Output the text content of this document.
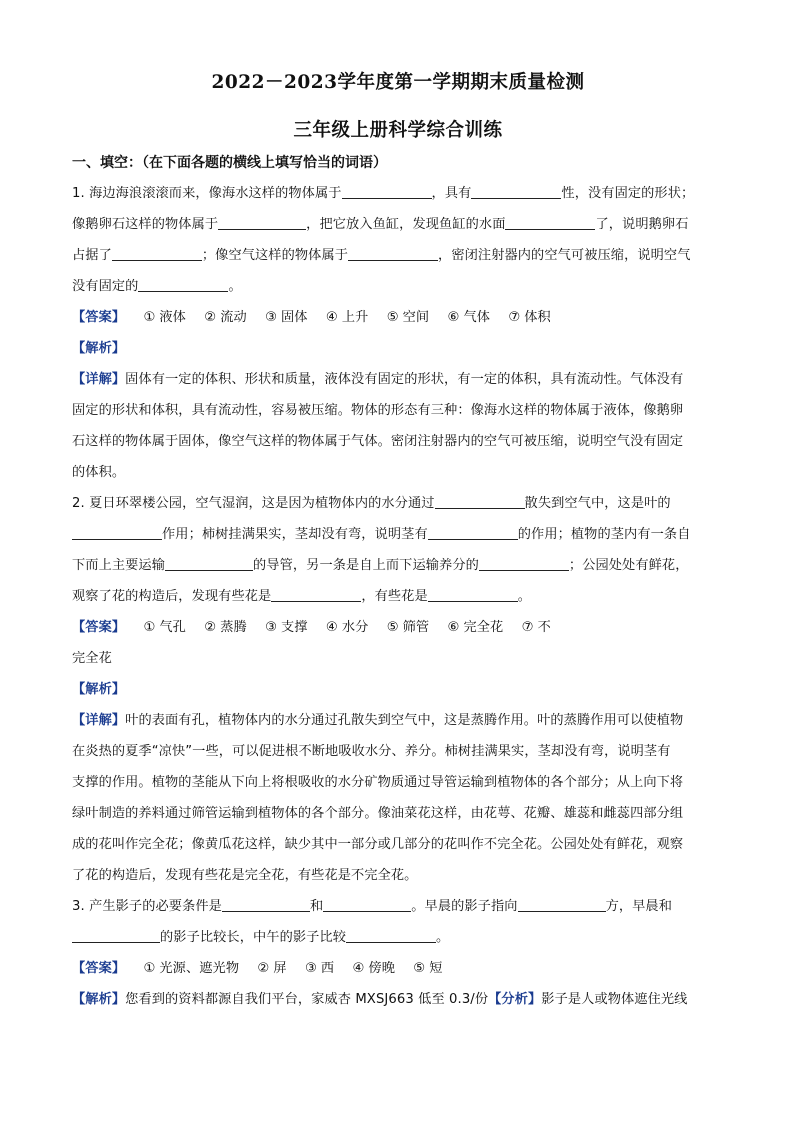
2022－2023学年度第一学期期末质量检测
三年级上册科学综合训练
一、填空：（在下面各题的横线上填写恰当的词语）
1. 海边海浪滚滚而来，像海水这样的物体属于	，具有	性，没有固定的形状；
像鹅卵石这样的物体属于	，把它放入鱼缸，发现鱼缸的水面	了，说明鹅卵石
占据了	；像空气这样的物体属于	，密闭注射器内的空气可被压缩，说明空气
没有固定的	。
【答案】 ① 液体 ② 流动 ③ 固体 ④ 上升 ⑤ 空间 ⑥ 气体 ⑦ 体积
【解析】
【详解】固体有一定的体积、形状和质量，液体没有固定的形状，有一定的体积，具有流动性。气体没有
固定的形状和体积，具有流动性，容易被压缩。物体的形态有三种：像海水这样的物体属于液体，像鹅卵
石这样的物体属于固体，像空气这样的物体属于气体。密闭注射器内的空气可被压缩，说明空气没有固定
的体积。
2. 夏日环翠楼公园，空气湿润，这是因为植物体内的水分通过	散失到空气中，这是叶的
作用；柿树挂满果实，茎却没有弯，说明茎有	的作用；植物的茎内有一条自
下而上主要运输	的导管，另一条是自上而下运输养分的	；公园处处有鲜花，
观察了花的构造后，发现有些花是	，有些花是	。
【答案】 ① 气孔 ② 蒸腾 ③ 支撑 ④ 水分 ⑤ 筛管 ⑥ 完全花 ⑦ 不
完全花
【解析】
【详解】叶的表面有孔，植物体内的水分通过孔散失到空气中，这是蒸腾作用。叶的蒸腾作用可以使植物
在炎热的夏季“凉快”一些，可以促进根不断地吸收水分、养分。柿树挂满果实，茎却没有弯，说明茎有
支撑的作用。植物的茎能从下向上将根吸收的水分矿物质通过导管运输到植物体的各个部分；从上向下将
绿叶制造的养料通过筛管运输到植物体的各个部分。像油菜花这样，由花萼、花瓣、雄蕊和雌蕊四部分组
成的花叫作完全花；像黄瓜花这样，缺少其中一部分或几部分的花叫作不完全花。公园处处有鲜花，观察
了花的构造后，发现有些花是完全花，有些花是不完全花。
3. 产生影子的必要条件是	和	。早晨的影子指向	方，早晨和
的影子比较长，中午的影子比较	。
【答案】 ① 光源、遮光物 ② 屏 ③ 西 ④ 傍晚 ⑤ 短
【解析】您看到的资料都源自我们平台，家威杏 MXSJ663 低至 0.3/份【分析】影子是人或物体遮住光线
